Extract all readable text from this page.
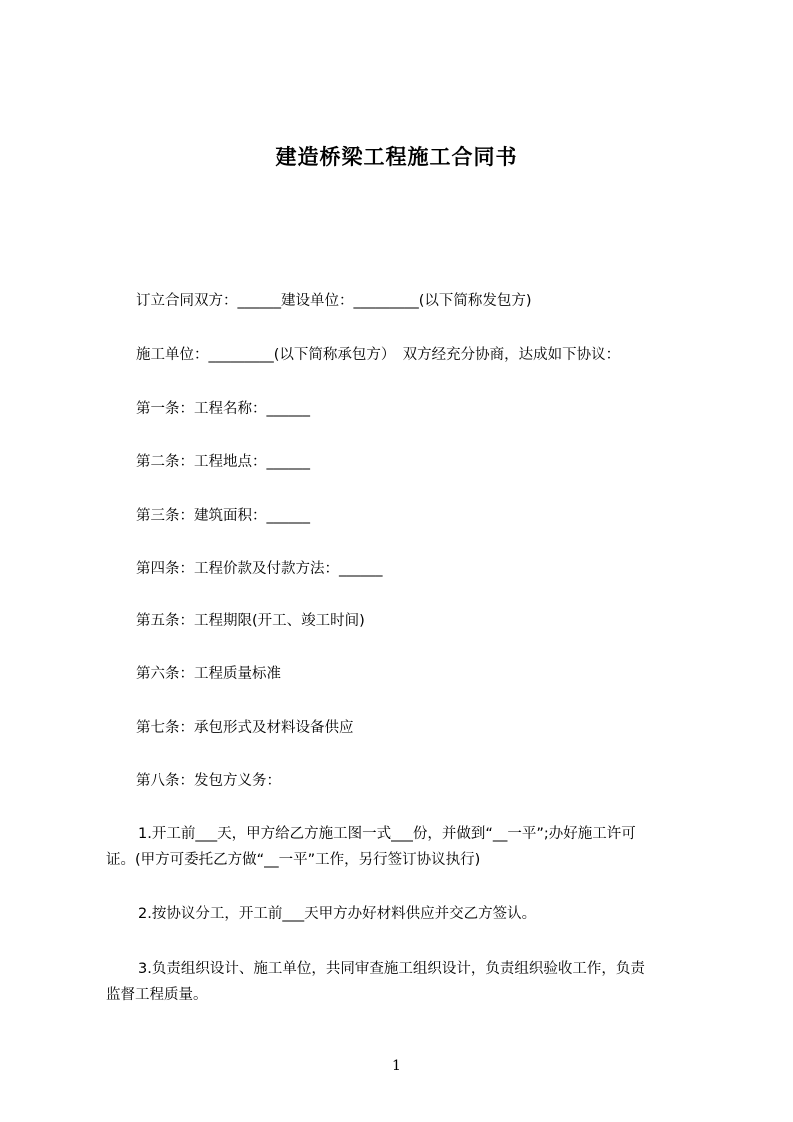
建造桥梁工程施工合同书
订立合同双方：______建设单位：_________(以下简称发包方)
施工单位：_________(以下简称承包方）　双方经充分协商，达成如下协议：
第一条：工程名称：______
第二条：工程地点：______
第三条：建筑面积：______
第四条：工程价款及付款方法：______
第五条：工程期限(开工、竣工时间)
第六条：工程质量标准
第七条：承包形式及材料设备供应
第八条：发包方义务：
1.开工前___天，甲方给乙方施工图一式___份，并做到“__一平”;办好施工许可
证。(甲方可委托乙方做“__一平”工作，另行签订协议执行)
2.按协议分工，开工前___天甲方办好材料供应并交乙方签认。
3.负责组织设计、施工单位，共同审查施工组织设计，负责组织验收工作，负责
监督工程质量。
1
